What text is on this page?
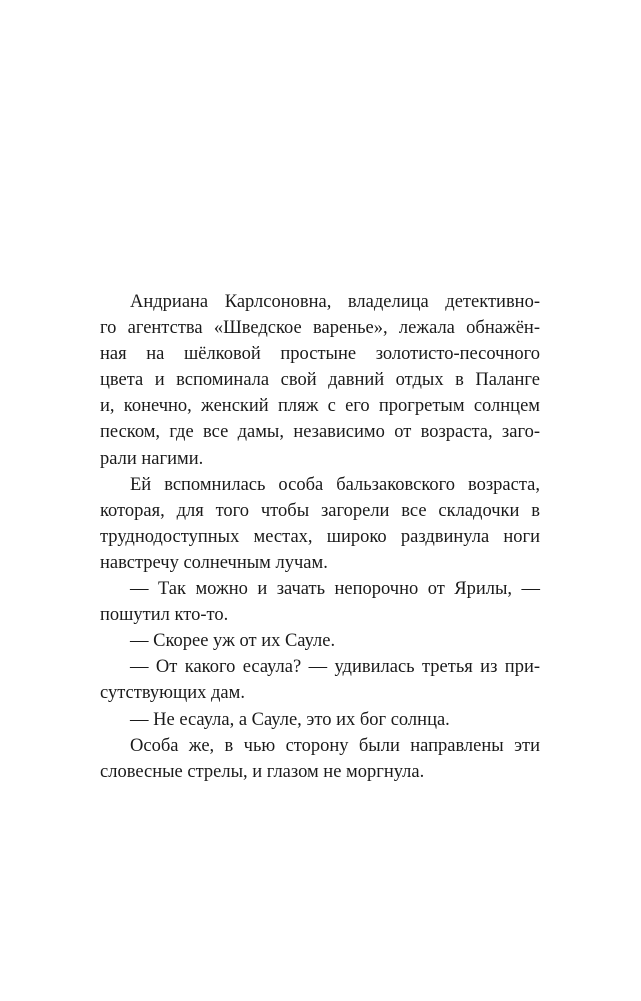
Андриана Карлсоновна, владелица детективно-
го агентства «Шведское варенье», лежала обнажён-
ная на шёлковой простыне золотисто-песочного
цвета и вспоминала свой давний отдых в Паланге
и, конечно, женский пляж с его прогретым солнцем
песком, где все дамы, независимо от возраста, заго-
рали нагими.
Ей вспомнилась особа бальзаковского возраста,
которая, для того чтобы загорели все складочки в
труднодоступных местах, широко раздвинула ноги
навстречу солнечным лучам.
— Так можно и зачать непорочно от Ярилы, —
пошутил кто-то.
— Скорее уж от их Сауле.
— От какого есаула? — удивилась третья из при-
сутствующих дам.
— Не есаула, а Сауле, это их бог солнца.
Особа же, в чью сторону были направлены эти
словесные стрелы, и глазом не моргнула.
